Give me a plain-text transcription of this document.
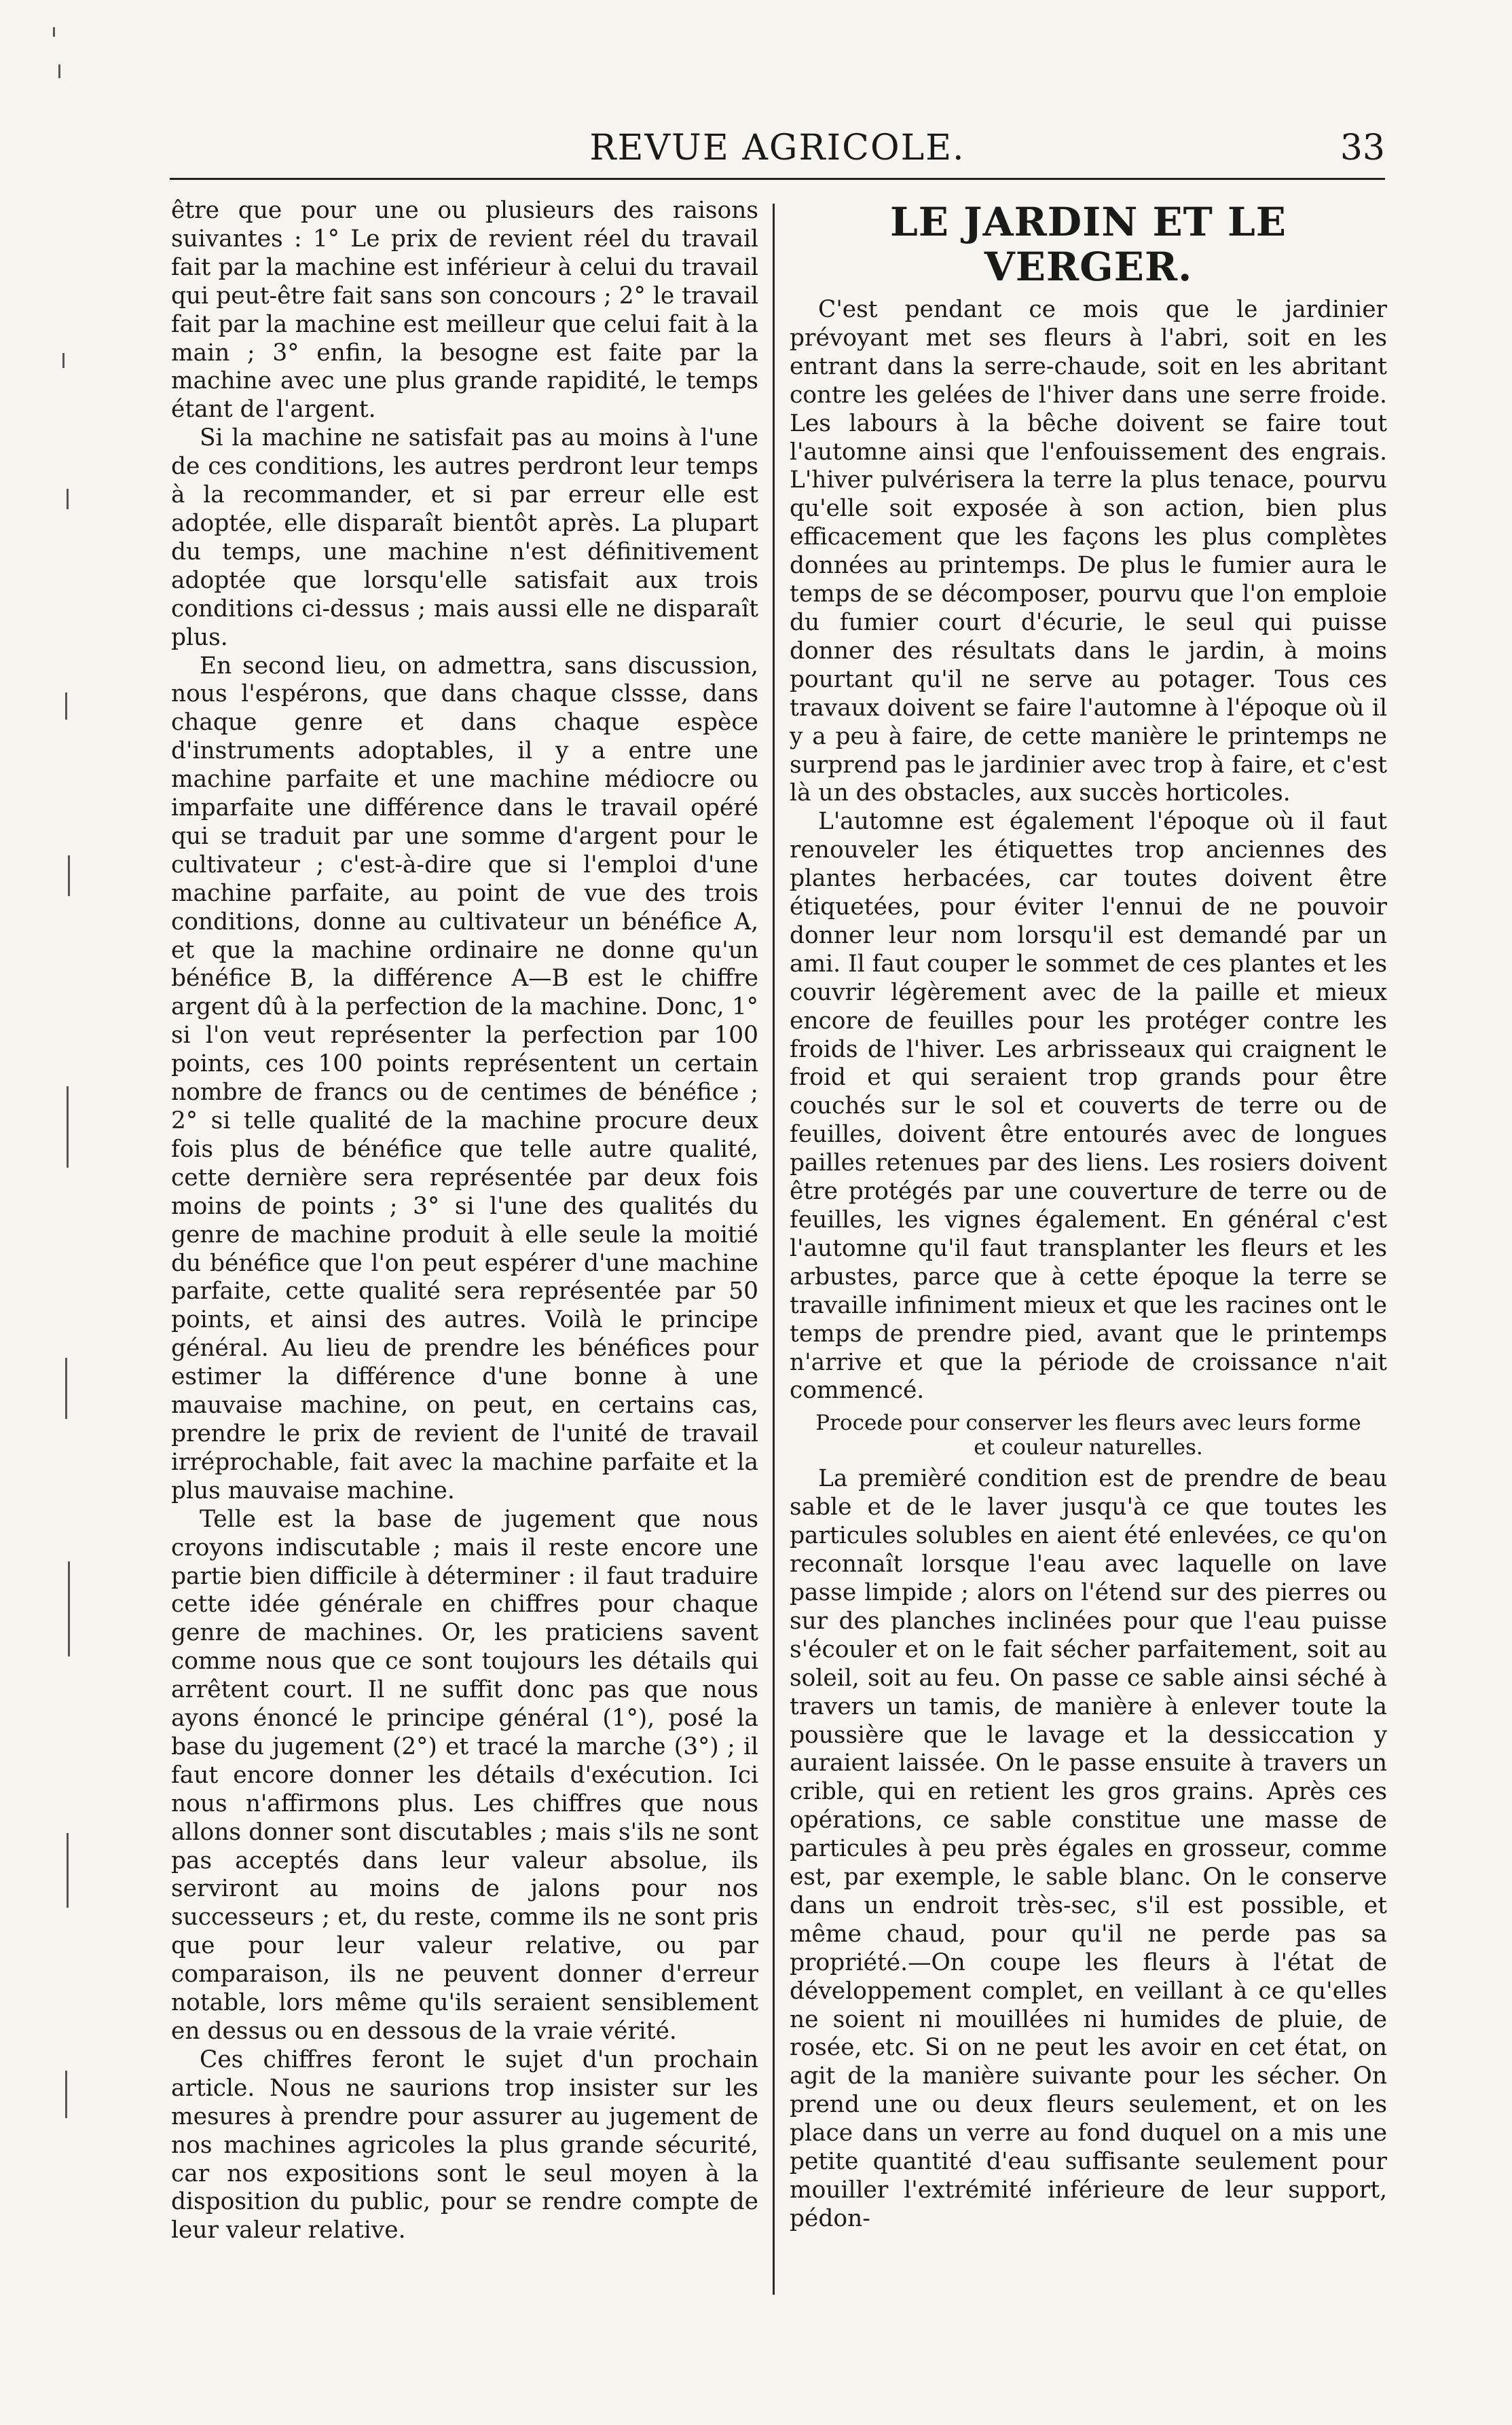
REVUE AGRICOLE.	33

être que pour une ou plusieurs des raisons suivantes : 1° Le prix de revient réel du travail fait par la machine est inférieur à celui du travail qui peut-être fait sans son concours ; 2° le travail fait par la machine est meilleur que celui fait à la main ; 3° enfin, la besogne est faite par la machine avec une plus grande rapidité, le temps étant de l'argent.

Si la machine ne satisfait pas au moins à l'une de ces conditions, les autres perdront leur temps à la recommander, et si par erreur elle est adoptée, elle disparaît bientôt après. La plupart du temps, une machine n'est définitivement adoptée que lorsqu'elle satisfait aux trois conditions ci-dessus ; mais aussi elle ne disparaît plus.

En second lieu, on admettra, sans discussion, nous l'espérons, que dans chaque clssse, dans chaque genre et dans chaque espèce d'instruments adoptables, il y a entre une machine parfaite et une machine médiocre ou imparfaite une différence dans le travail opéré qui se traduit par une somme d'argent pour le cultivateur ; c'est-à-dire que si l'emploi d'une machine parfaite, au point de vue des trois conditions, donne au cultivateur un bénéfice A, et que la machine ordinaire ne donne qu'un bénéfice B, la différence A—B est le chiffre argent dû à la perfection de la machine. Donc, 1° si l'on veut représenter la perfection par 100 points, ces 100 points représentent un certain nombre de francs ou de centimes de bénéfice ; 2° si telle qualité de la machine procure deux fois plus de bénéfice que telle autre qualité, cette dernière sera représentée par deux fois moins de points ; 3° si l'une des qualités du genre de machine produit à elle seule la moitié du bénéfice que l'on peut espérer d'une machine parfaite, cette qualité sera représentée par 50 points, et ainsi des autres. Voilà le principe général. Au lieu de prendre les bénéfices pour estimer la différence d'une bonne à une mauvaise machine, on peut, en certains cas, prendre le prix de revient de l'unité de travail irréprochable, fait avec la machine parfaite et la plus mauvaise machine.

Telle est la base de jugement que nous croyons indiscutable ; mais il reste encore une partie bien difficile à déterminer : il faut traduire cette idée générale en chiffres pour chaque genre de machines. Or, les praticiens savent comme nous que ce sont toujours les détails qui arrêtent court. Il ne suffit donc pas que nous ayons énoncé le principe général (1°), posé la base du jugement (2°) et tracé la marche (3°) ; il faut encore donner les détails d'exécution. Ici nous n'affirmons plus. Les chiffres que nous allons donner sont discutables ; mais s'ils ne sont pas acceptés dans leur valeur absolue, ils serviront au moins de jalons pour nos successeurs ; et, du reste, comme ils ne sont pris que pour leur valeur relative, ou par comparaison, ils ne peuvent donner d'erreur notable, lors même qu'ils seraient sensiblement en dessus ou en dessous de la vraie vérité.

Ces chiffres feront le sujet d'un prochain article. Nous ne saurions trop insister sur les mesures à prendre pour assurer au jugement de nos machines agricoles la plus grande sécurité, car nos expositions sont le seul moyen à la disposition du public, pour se rendre compte de leur valeur relative.

LE JARDIN ET LE VERGER.

C'est pendant ce mois que le jardinier prévoyant met ses fleurs à l'abri, soit en les entrant dans la serre-chaude, soit en les abritant contre les gelées de l'hiver dans une serre froide. Les labours à la bêche doivent se faire tout l'automne ainsi que l'enfouissement des engrais. L'hiver pulvérisera la terre la plus tenace, pourvu qu'elle soit exposée à son action, bien plus efficacement que les façons les plus complètes données au printemps. De plus le fumier aura le temps de se décomposer, pourvu que l'on emploie du fumier court d'écurie, le seul qui puisse donner des résultats dans le jardin, à moins pourtant qu'il ne serve au potager. Tous ces travaux doivent se faire l'automne à l'époque où il y a peu à faire, de cette manière le printemps ne surprend pas le jardinier avec trop à faire, et c'est là un des obstacles, aux succès horticoles.

L'automne est également l'époque où il faut renouveler les étiquettes trop anciennes des plantes herbacées, car toutes doivent être étiquetées, pour éviter l'ennui de ne pouvoir donner leur nom lorsqu'il est demandé par un ami. Il faut couper le sommet de ces plantes et les couvrir légèrement avec de la paille et mieux encore de feuilles pour les protéger contre les froids de l'hiver. Les arbrisseaux qui craignent le froid et qui seraient trop grands pour être couchés sur le sol et couverts de terre ou de feuilles, doivent être entourés avec de longues pailles retenues par des liens. Les rosiers doivent être protégés par une couverture de terre ou de feuilles, les vignes également. En général c'est l'automne qu'il faut transplanter les fleurs et les arbustes, parce que à cette époque la terre se travaille infiniment mieux et que les racines ont le temps de prendre pied, avant que le printemps n'arrive et que la période de croissance n'ait commencé.

Procede pour conserver les fleurs avec leurs forme
et couleur naturelles.

La premièré condition est de prendre de beau sable et de le laver jusqu'à ce que toutes les particules solubles en aient été enlevées, ce qu'on reconnaît lorsque l'eau avec laquelle on lave passe limpide ; alors on l'étend sur des pierres ou sur des planches inclinées pour que l'eau puisse s'écouler et on le fait sécher parfaitement, soit au soleil, soit au feu. On passe ce sable ainsi séché à travers un tamis, de manière à enlever toute la poussière que le lavage et la dessiccation y auraient laissée. On le passe ensuite à travers un crible, qui en retient les gros grains. Après ces opérations, ce sable constitue une masse de particules à peu près égales en grosseur, comme est, par exemple, le sable blanc. On le conserve dans un endroit très-sec, s'il est possible, et même chaud, pour qu'il ne perde pas sa propriété.—On coupe les fleurs à l'état de développement complet, en veillant à ce qu'elles ne soient ni mouillées ni humides de pluie, de rosée, etc. Si on ne peut les avoir en cet état, on agit de la manière suivante pour les sécher. On prend une ou deux fleurs seulement, et on les place dans un verre au fond duquel on a mis une petite quantité d'eau suffisante seulement pour mouiller l'extrémité inférieure de leur support, pédon-
